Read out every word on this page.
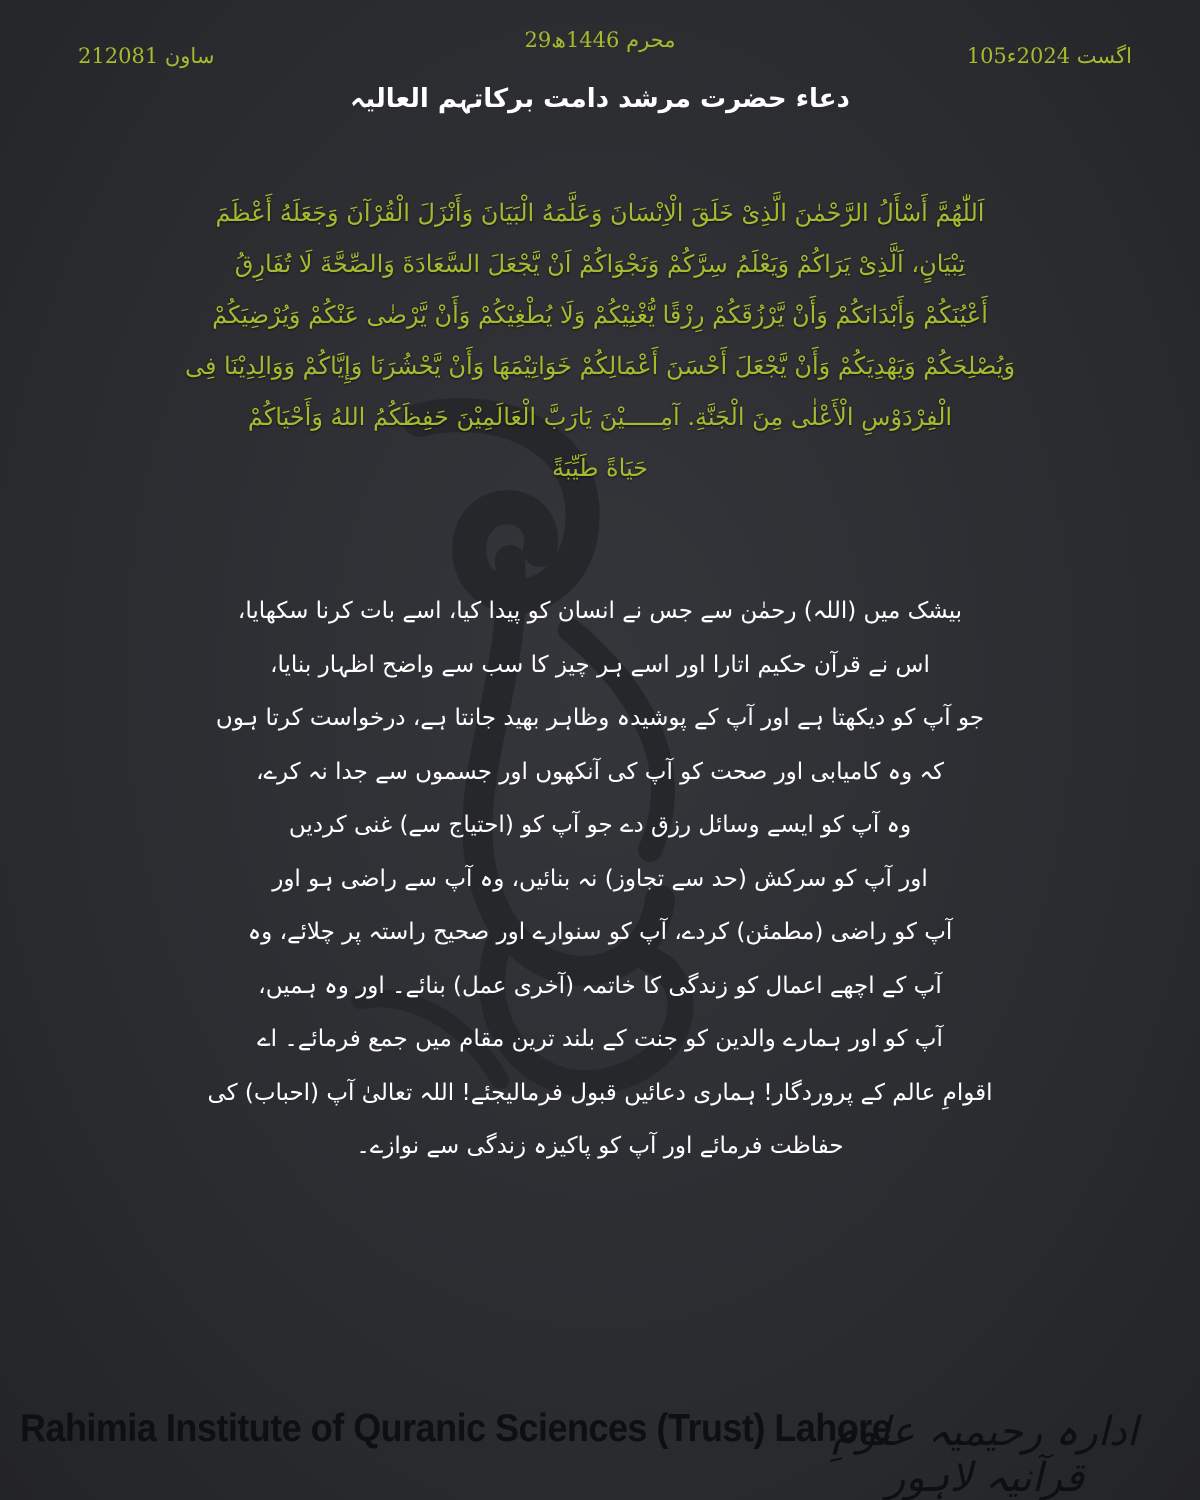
29محرم 1446ھ
21ساون 2081	105اگست 2024ء
دعاء حضرت مرشد دامت برکاتہم العالیہ
اَللّٰهُمَّ أَسْأَلُ الرَّحْمٰنَ الَّذِىْ خَلَقَ الْاِنْسَانَ وَعَلَّمَهُ الْبَيَانَ وَأَنْزَلَ الْقُرْآنَ وَجَعَلَهُ أَعْظَمَ
تِبْيَانٍ، اَلَّذِىْ يَرَاكُمْ وَيَعْلَمُ سِرَّكُمْ وَنَجْوَاكُمْ اَنْ يَّجْعَلَ السَّعَادَةَ وَالصِّحَّةَ لَا تُفَارِقُ
أَعْيُنَكُمْ وَأَبْدَانَكُمْ وَأَنْ يَّرْزُقَكُمْ رِزْقًا يُّغْنِيْكُمْ وَلَا يُطْغِيْكُمْ وَأَنْ يَّرْضٰى عَنْكُمْ وَيُرْضِيَكُمْ
وَيُصْلِحَكُمْ وَيَهْدِيَكُمْ وَأَنْ يَّجْعَلَ أَحْسَنَ أَعْمَالِكُمْ خَوَاتِيْمَهَا وَأَنْ يَّحْشُرَنَا وَإِيَّاكُمْ وَوَالِدِيْنَا فِى
الْفِرْدَوْسِ الْأَعْلٰى مِنَ الْجَنَّةِ. آمِـــــيْنَ يَارَبَّ الْعَالَمِيْنَ حَفِظَكُمُ اللهُ وَأَحْيَاكُمْ
حَيَاةً طَيِّبَةً
بیشک میں (اللہ) رحمٰن سے جس نے انسان کو پیدا کیا، اسے بات کرنا سکھایا،
اس نے قرآن حکیم اتارا اور اسے ہر چیز کا سب سے واضح اظہار بنایا،
جو آپ کو دیکھتا ہے اور آپ کے پوشیدہ وظاہر بھید جانتا ہے، درخواست کرتا ہوں
کہ وہ کامیابی اور صحت کو آپ کی آنکھوں اور جسموں سے جدا نہ کرے،
وہ آپ کو ایسے وسائل رزق دے جو آپ کو (احتیاج سے) غنی کردیں
اور آپ کو سرکش (حد سے تجاوز) نہ بنائیں، وہ آپ سے راضی ہو اور
آپ کو راضی (مطمئن) کردے، آپ کو سنوارے اور صحیح راستہ پر چلائے، وہ
آپ کے اچھے اعمال کو زندگی کا خاتمہ (آخری عمل) بنائے۔ اور وہ ہمیں،
آپ کو اور ہمارے والدین کو جنت کے بلند ترین مقام میں جمع فرمائے۔ اے
اقوامِ عالم کے پروردگار! ہماری دعائیں قبول فرمالیجئے! اللہ تعالیٰ آپ (احباب) کی
حفاظت فرمائے اور آپ کو پاکیزہ زندگی سے نوازے۔
Rahimia Institute of Quranic Sciences (Trust) Lahore
ادارہ رحیمیہ علومِ قرآنیہ لاہور
